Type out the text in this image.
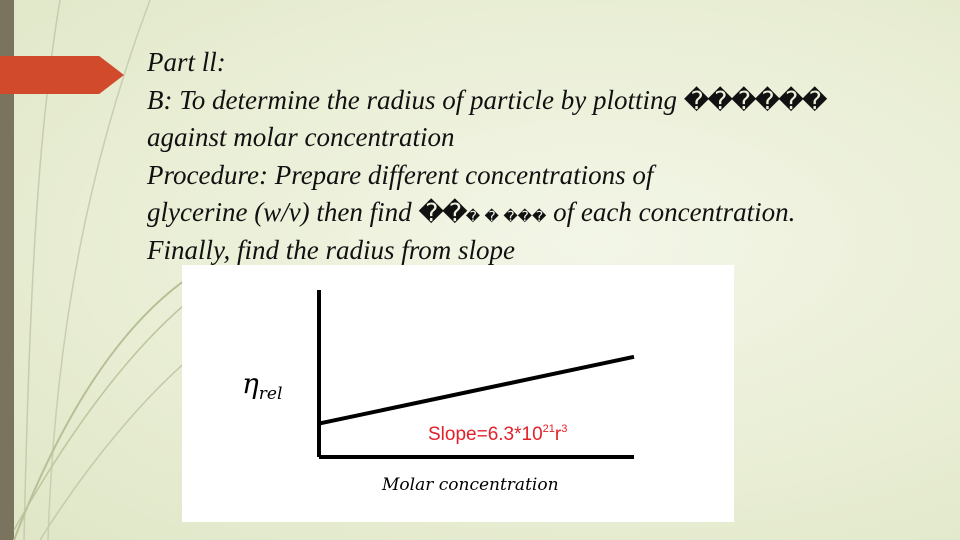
Part ll:
B: To determine the radius of particle by plotting ������
against molar concentration
Procedure: Prepare different concentrations of
glycerine (w/v) then find ��� � ��� of each concentration.
Finally, find the radius from slope
$\eta_{rel}$
$Slope=6.3*10^{21}r^3$
Molar concentration
